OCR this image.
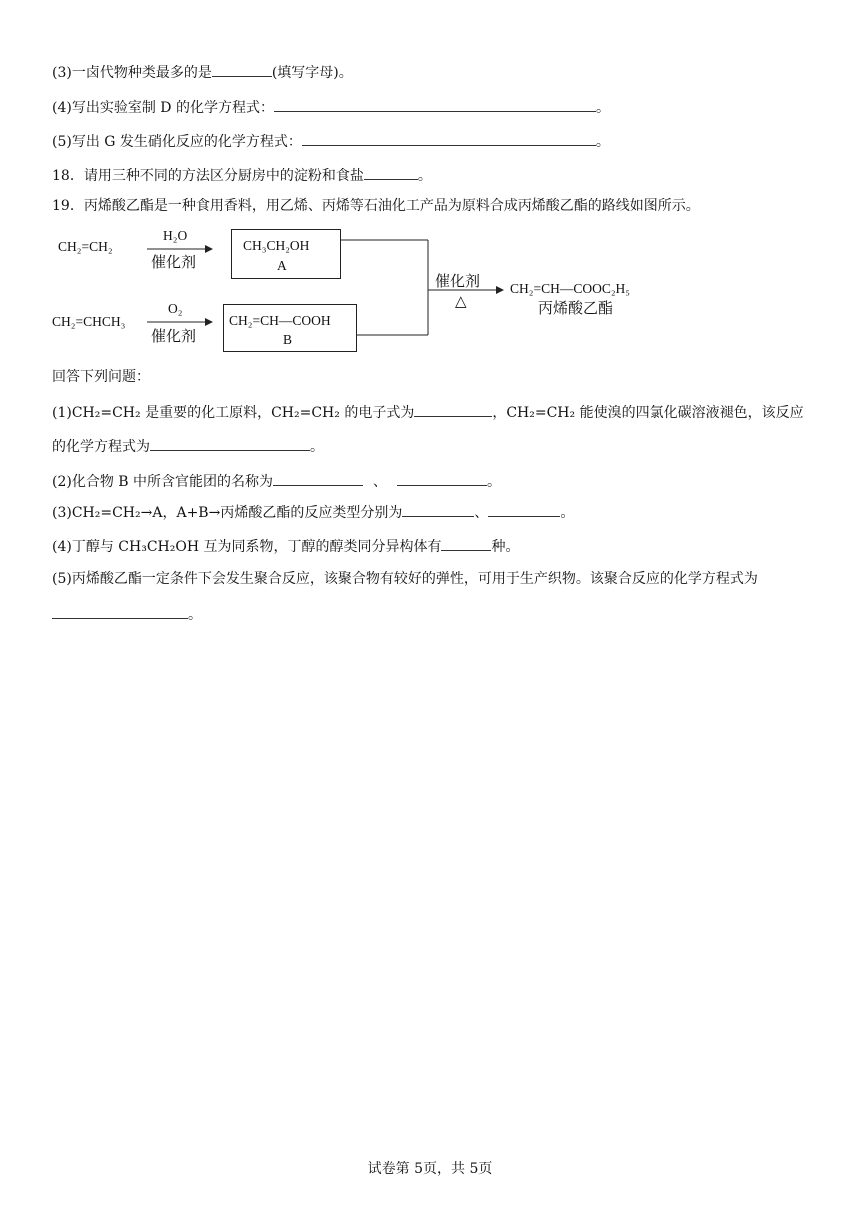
(3)一卤代物种类最多的是	(填写字母)。
(4)写出实验室制 D 的化学方程式：	。
(5)写出 G 发生硝化反应的化学方程式：	。
18．请用三种不同的方法区分厨房中的淀粉和食盐	。
19．丙烯酸乙酯是一种食用香料，用乙烯、丙烯等石油化工产品为原料合成丙烯酸乙酯的路线如图所示。
CH₂=CH₂
H₂O
催化剂
CH₃CH₂OH
A
CH₂=CHCH₃
O₂
催化剂
CH₂=CH—COOH
B
催化剂
△
CH₂=CH—COOC₂H₅
丙烯酸乙酯
回答下列问题：
(1)CH₂=CH₂ 是重要的化工原料，CH₂=CH₂ 的电子式为	，CH₂=CH₂ 能使溴的四氯化碳溶液褪色，该反应
的化学方程式为	。
(2)化合物 B 中所含官能团的名称为	、	。
(3)CH₂=CH₂→A，A+B→丙烯酸乙酯的反应类型分别为	、	。
(4)丁醇与 CH₃CH₂OH 互为同系物，丁醇的醇类同分异构体有	种。
(5)丙烯酸乙酯一定条件下会发生聚合反应，该聚合物有较好的弹性，可用于生产织物。该聚合反应的化学方程式为
。
试卷第 5页，共 5页
